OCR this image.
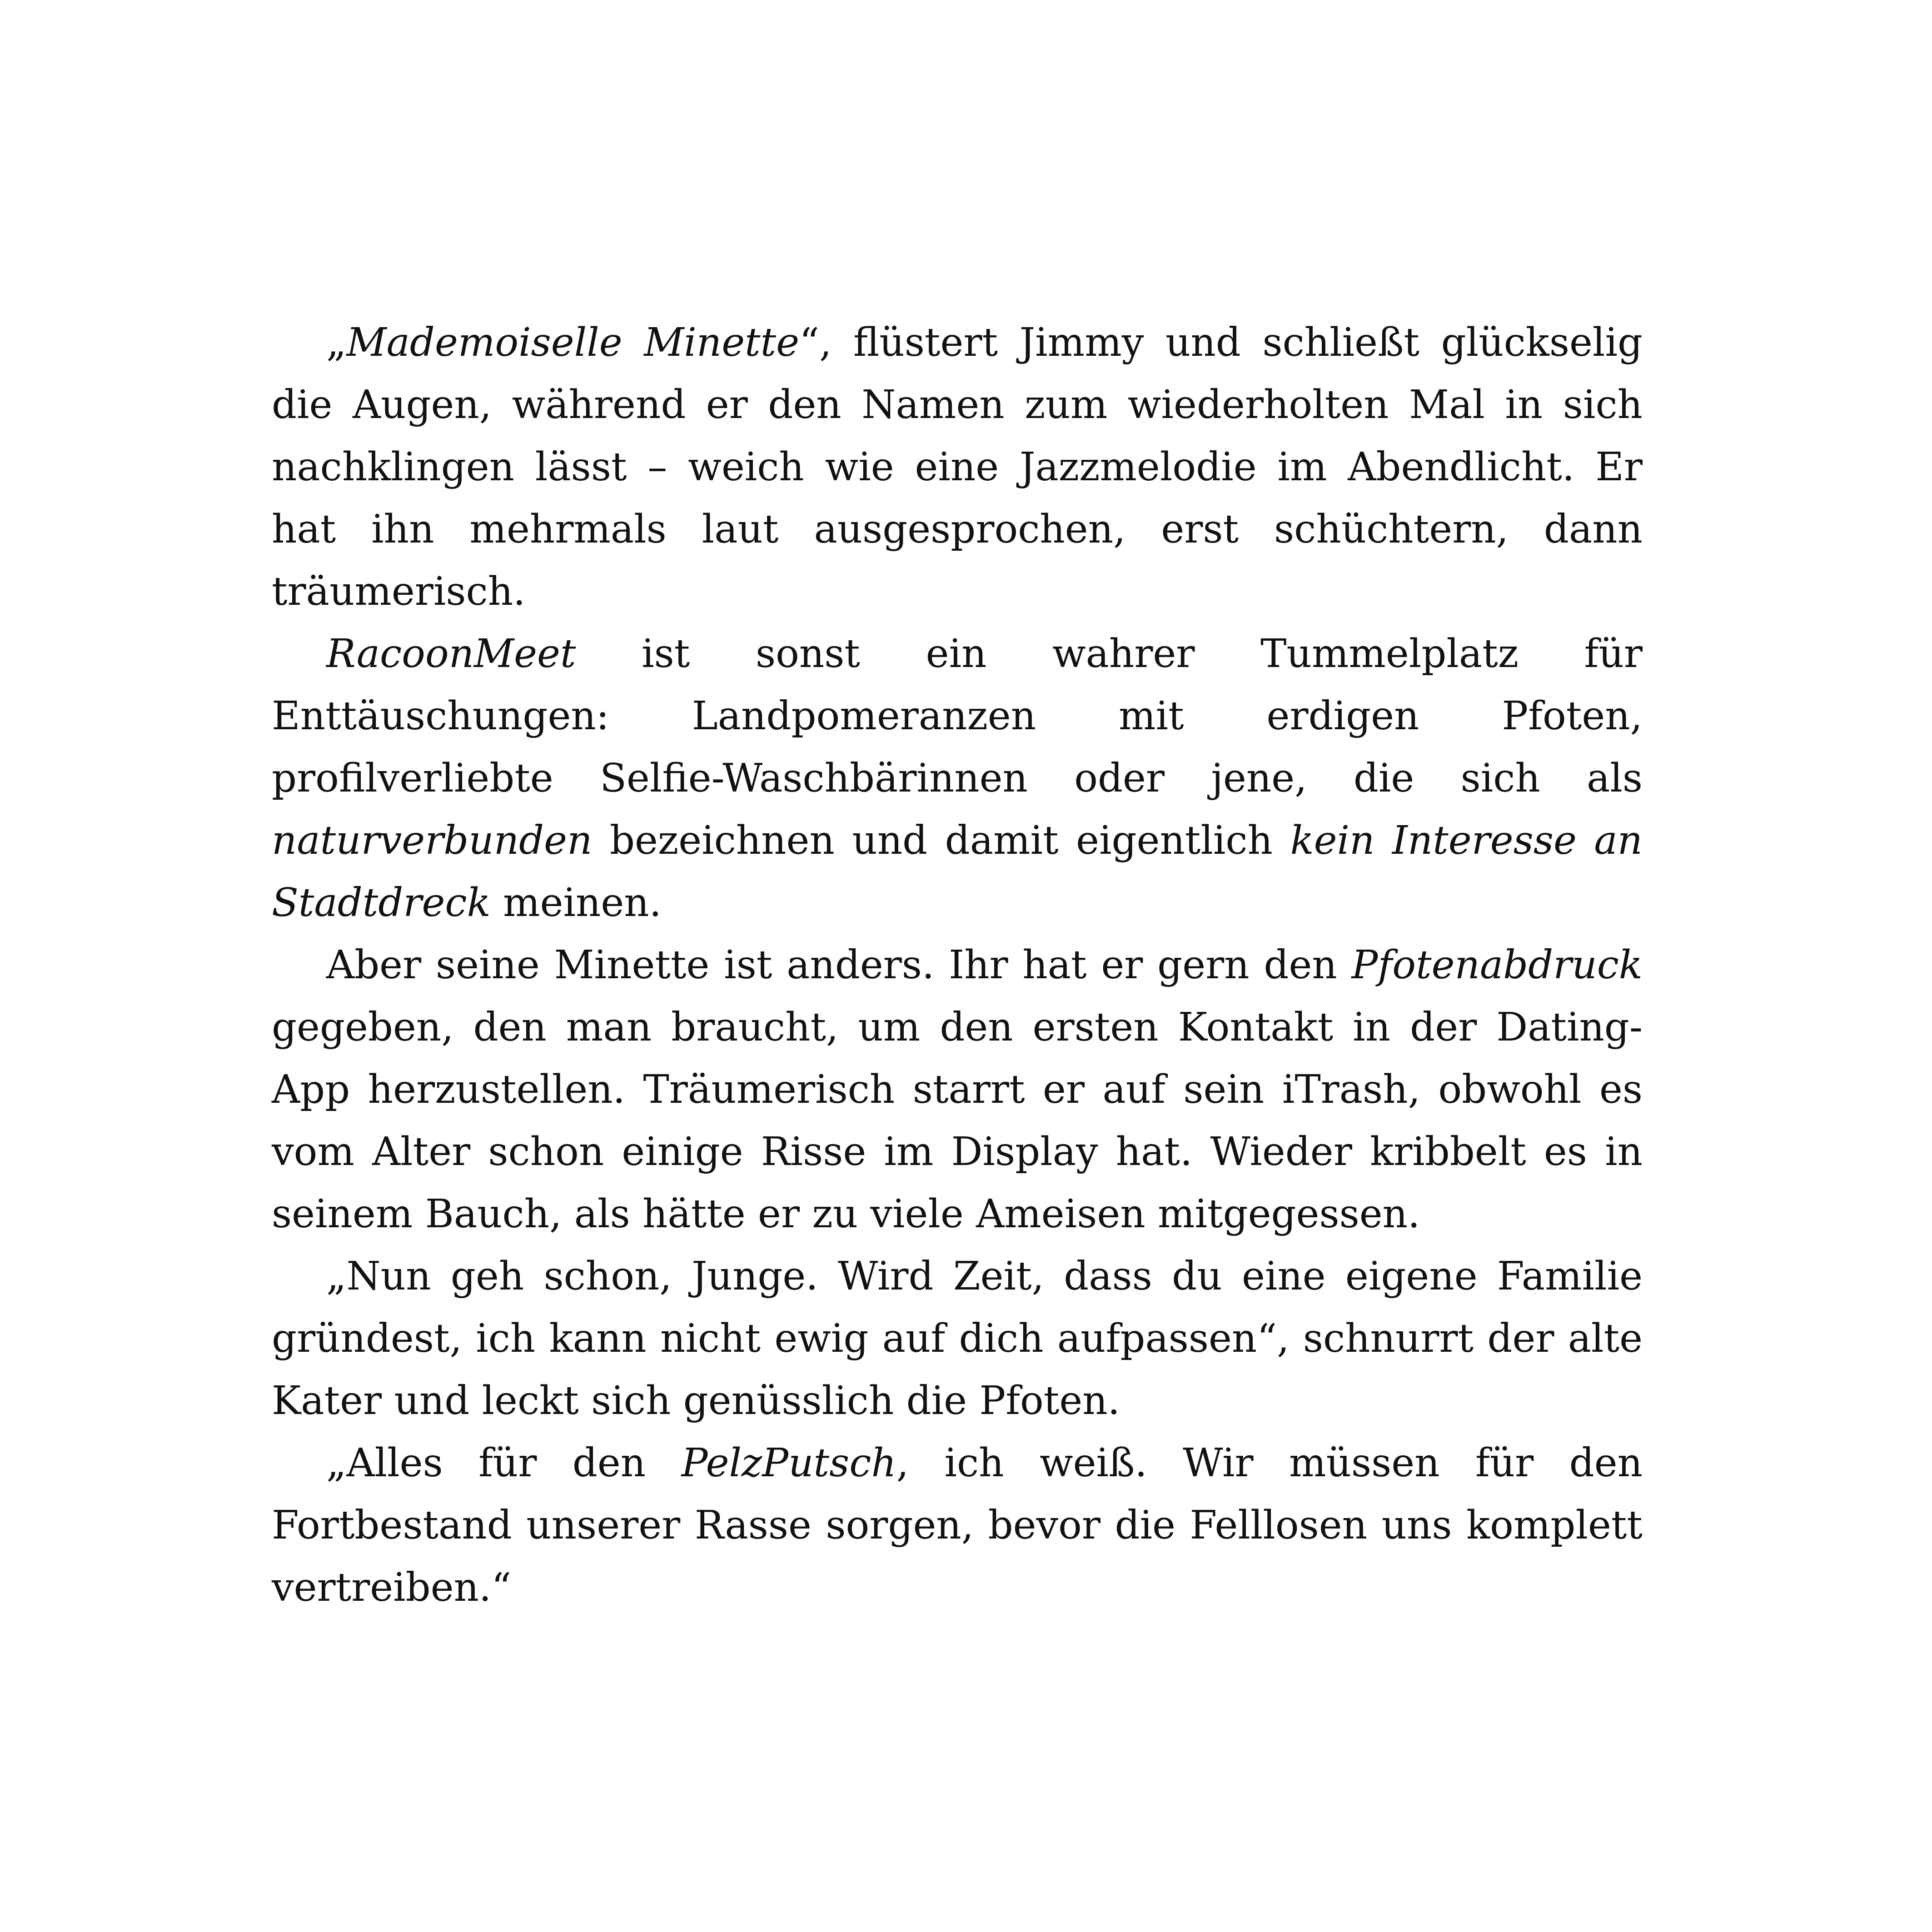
„Mademoiselle Minette“, flüstert Jimmy und schließt glückselig die Augen, während er den Namen zum wiederholten Mal in sich nachklingen lässt – weich wie eine Jazzmelodie im Abendlicht. Er hat ihn mehrmals laut ausgesprochen, erst schüchtern, dann träumerisch.

RacoonMeet ist sonst ein wahrer Tummelplatz für Enttäuschungen: Landpomeranzen mit erdigen Pfoten, profilverliebte Selfie-Waschbärinnen oder jene, die sich als naturverbunden bezeichnen und damit eigentlich kein Interesse an Stadtdreck meinen.

Aber seine Minette ist anders. Ihr hat er gern den Pfotenabdruck gegeben, den man braucht, um den ersten Kontakt in der Dating-App herzustellen. Träumerisch starrt er auf sein iTrash, obwohl es vom Alter schon einige Risse im Display hat. Wieder kribbelt es in seinem Bauch, als hätte er zu viele Ameisen mitgegessen.

„Nun geh schon, Junge. Wird Zeit, dass du eine eigene Familie gründest, ich kann nicht ewig auf dich aufpassen“, schnurrt der alte Kater und leckt sich genüsslich die Pfoten.

„Alles für den PelzPutsch, ich weiß. Wir müssen für den Fortbestand unserer Rasse sorgen, bevor die Felllosen uns komplett vertreiben.“
